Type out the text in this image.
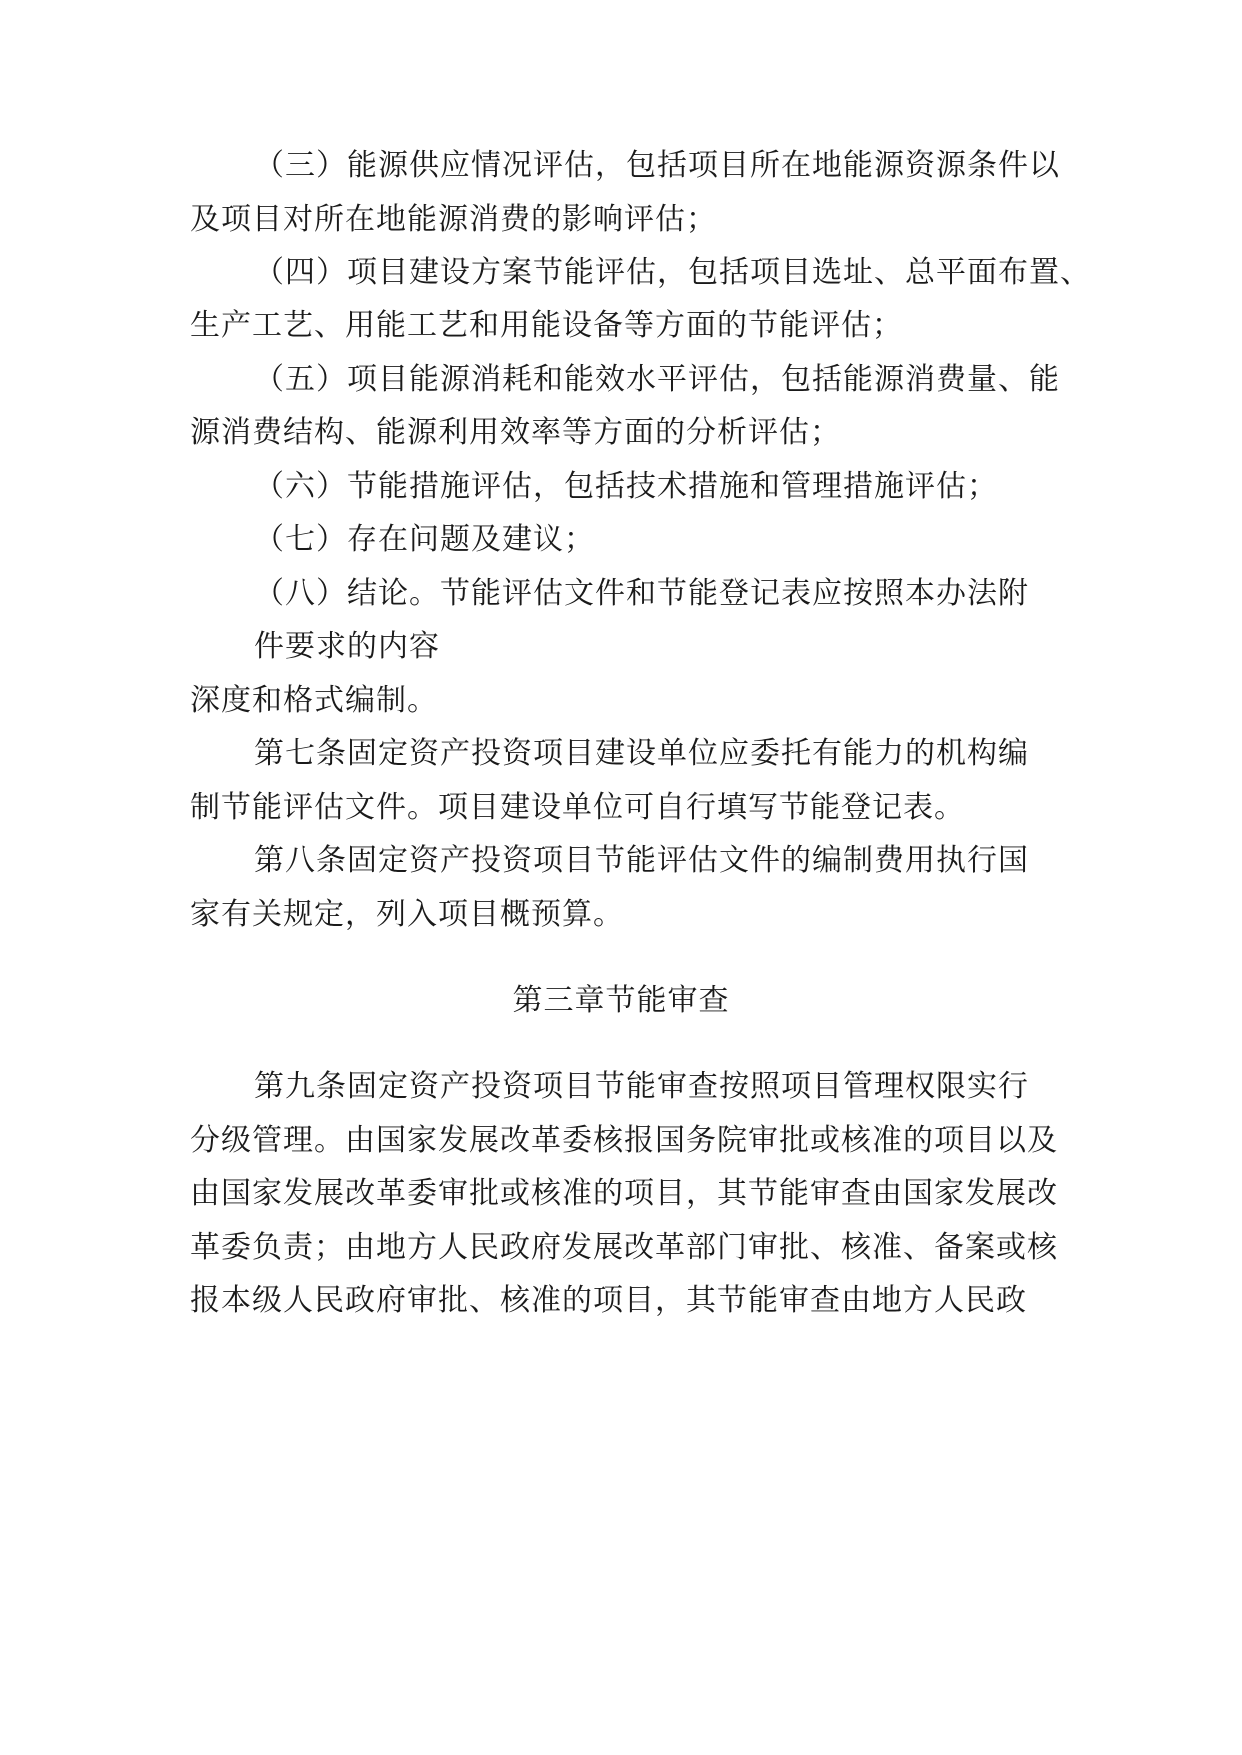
（三）能源供应情况评估，包括项目所在地能源资源条件以
及项目对所在地能源消费的影响评估；
（四）项目建设方案节能评估，包括项目选址、总平面布置、
生产工艺、用能工艺和用能设备等方面的节能评估；
（五）项目能源消耗和能效水平评估，包括能源消费量、能
源消费结构、能源利用效率等方面的分析评估；
（六）节能措施评估，包括技术措施和管理措施评估；
（七）存在问题及建议；
（八）结论。节能评估文件和节能登记表应按照本办法附
件要求的内容
深度和格式编制。
第七条固定资产投资项目建设单位应委托有能力的机构编
制节能评估文件。项目建设单位可自行填写节能登记表。
第八条固定资产投资项目节能评估文件的编制费用执行国
家有关规定，列入项目概预算。
第三章节能审查
第九条固定资产投资项目节能审查按照项目管理权限实行
分级管理。由国家发展改革委核报国务院审批或核准的项目以及
由国家发展改革委审批或核准的项目，其节能审查由国家发展改
革委负责；由地方人民政府发展改革部门审批、核准、备案或核
报本级人民政府审批、核准的项目，其节能审查由地方人民政
